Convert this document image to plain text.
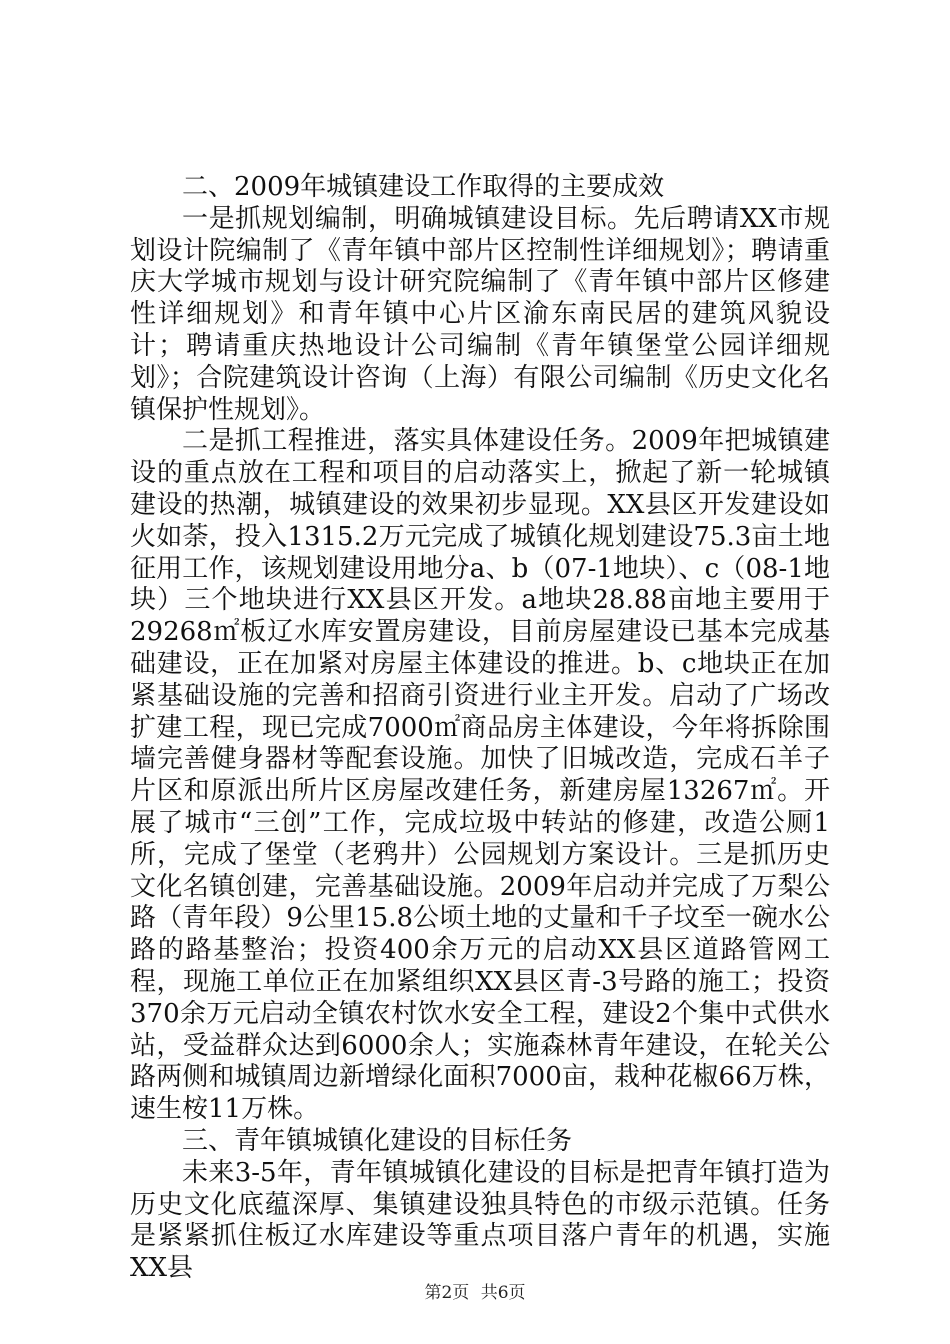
二、2009年城镇建设工作取得的主要成效

一是抓规划编制，明确城镇建设目标。先后聘请XX市规划设计院编制了《青年镇中部片区控制性详细规划》；聘请重庆大学城市规划与设计研究院编制了《青年镇中部片区修建性详细规划》和青年镇中心片区渝东南民居的建筑风貌设计；聘请重庆热地设计公司编制《青年镇堡堂公园详细规划》；合院建筑设计咨询（上海）有限公司编制《历史文化名镇保护性规划》。

二是抓工程推进，落实具体建设任务。2009年把城镇建设的重点放在工程和项目的启动落实上，掀起了新一轮城镇建设的热潮，城镇建设的效果初步显现。XX县区开发建设如火如荼，投入1315.2万元完成了城镇化规划建设75.3亩土地征用工作，该规划建设用地分a、b（07-1地块）、c（08-1地块）三个地块进行XX县区开发。a地块28.88亩地主要用于29268㎡板辽水库安置房建设，目前房屋建设已基本完成基础建设，正在加紧对房屋主体建设的推进。b、c地块正在加紧基础设施的完善和招商引资进行业主开发。启动了广场改扩建工程，现已完成7000㎡商品房主体建设，今年将拆除围墙完善健身器材等配套设施。加快了旧城改造，完成石羊子片区和原派出所片区房屋改建任务，新建房屋13267㎡。开展了城市“三创”工作，完成垃圾中转站的修建，改造公厕1所，完成了堡堂（老鸦井）公园规划方案设计。三是抓历史文化名镇创建，完善基础设施。2009年启动并完成了万梨公路（青年段）9公里15.8公顷土地的丈量和千子坟至一碗水公路的路基整治；投资400余万元的启动XX县区道路管网工程，现施工单位正在加紧组织XX县区青-3号路的施工；投资370余万元启动全镇农村饮水安全工程，建设2个集中式供水站，受益群众达到6000余人；实施森林青年建设，在轮关公路两侧和城镇周边新增绿化面积7000亩，栽种花椒66万株，速生桉11万株。

三、青年镇城镇化建设的目标任务

未来3-5年，青年镇城镇化建设的目标是把青年镇打造为历史文化底蕴深厚、集镇建设独具特色的市级示范镇。任务是紧紧抓住板辽水库建设等重点项目落户青年的机遇，实施XX县

第2页 共6页
